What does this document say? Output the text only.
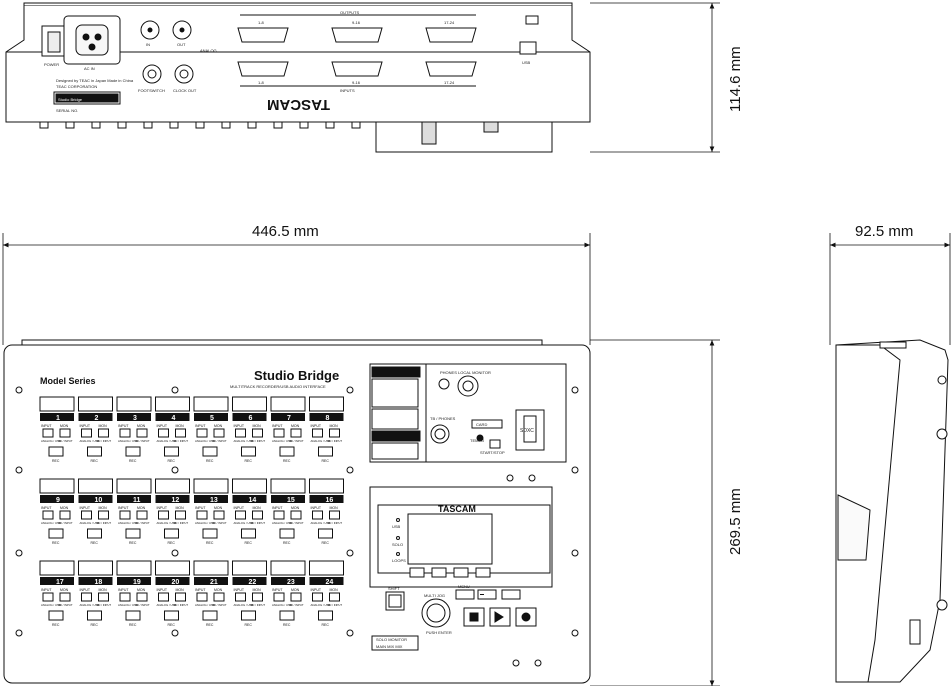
TASCAM
OUTPUTS
INPUTS
POWER
AC IN
IN	OUT
FOOTSWITCH CLOCK OUT
USB
ANALOG
1-8	9-16	17-24
1-8	9-16	17-24
Studio Bridge
TEAC CORPORATION
Designed by TEAC in Japan Made in China
SERIAL NO.	114.6 mm
446.5 mm	92.5 mm
269.5 mm
Model Series	Studio Bridge
MULTITRACK RECORDER/USB AUDIO INTERFACE
1
INPUT MON
ANALOG / USB
SD / INPUT
REC
2
INPUT MON
ANALOG / USB
SD / INPUT
REC
3
INPUT MON
ANALOG / USB
SD / INPUT
REC
4
INPUT MON
ANALOG / USB
SD / INPUT
REC
5
INPUT MON
ANALOG / USB
SD / INPUT
REC
6
INPUT MON
ANALOG / USB
SD / INPUT
REC
7
INPUT MON
ANALOG / USB
SD / INPUT
REC
8
INPUT MON
ANALOG / USB
SD / INPUT
REC
9
INPUT MON
ANALOG / USB
SD / INPUT
REC
10
INPUT MON
ANALOG / USB
SD / INPUT
REC
11
INPUT MON
ANALOG / USB
SD / INPUT
REC
12
INPUT MON
ANALOG / USB
SD / INPUT
REC
13
INPUT MON
ANALOG / USB
SD / INPUT
REC
14
INPUT MON
ANALOG / USB
SD / INPUT
REC
15
INPUT MON
ANALOG / USB
SD / INPUT
REC
16
INPUT MON
ANALOG / USB
SD / INPUT
REC
17
INPUT MON
ANALOG / USB
SD / INPUT
REC
18
INPUT MON
ANALOG / USB
SD / INPUT
REC
19
INPUT MON
ANALOG / USB
SD / INPUT
REC
20
INPUT MON
ANALOG / USB
SD / INPUT
REC
21
INPUT MON
ANALOG / USB
SD / INPUT
REC
22
INPUT MON
ANALOG / USB
SD / INPUT
REC
23
INPUT MON
ANALOG / USB
SD / INPUT
REC
24
INPUT MON
ANALOG / USB
SD / INPUT
REC
PHONES LOCAL MONITOR
TB / PHONES
TEMPO
START/STOP
CARD
SDXC
TASCAM
USB
SOLO
LOOPS
SHIFT
MULTI JOG
PUSH ENTER
MENU
SOLO MONITOR
MAIN MIX MIX
